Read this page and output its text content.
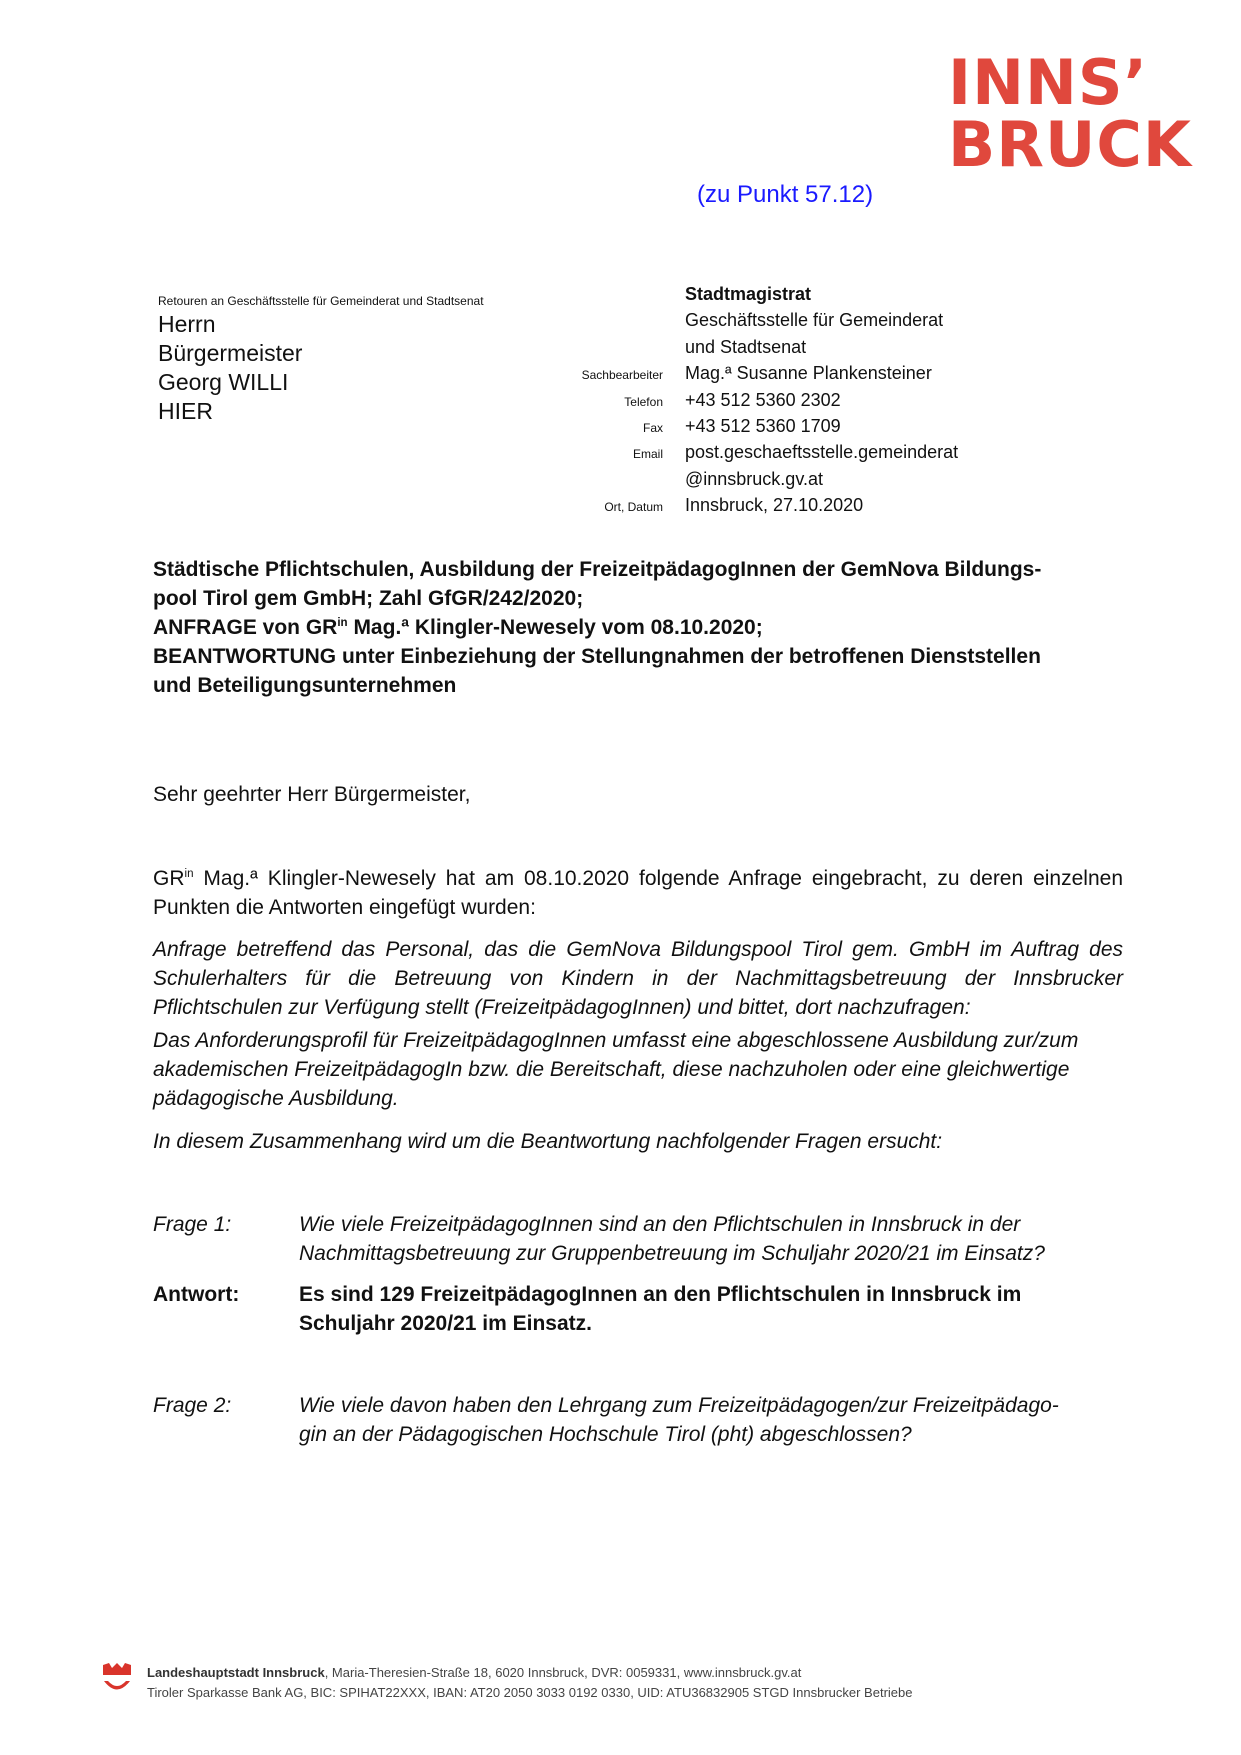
INNS’
BRUCK
(zu Punkt 57.12)
Retouren an Geschäftsstelle für Gemeinderat und Stadtsenat
Herrn
Bürgermeister
Georg WILLI
HIER
Stadtmagistrat
Geschäftsstelle für Gemeinderat
und Stadtsenat
Sachbearbeiter	Mag.ª Susanne Plankensteiner
Telefon	+43 512 5360 2302
Fax	+43 512 5360 1709
Email	post.geschaeftsstelle.gemeinderat
@innsbruck.gv.at
Ort, Datum	Innsbruck, 27.10.2020

Städtische Pflichtschulen, Ausbildung der FreizeitpädagogInnen der GemNova Bildungs-

pool Tirol gem GmbH; Zahl GfGR/242/2020;

ANFRAGE von $GR^{in}$ Mag.ª Klingler-Newesely vom 08.10.2020;

BEANTWORTUNG unter Einbeziehung der Stellungnahmen der betroffenen Dienststellen

und Beteiligungsunternehmen

Sehr geehrter Herr Bürgermeister,
$GR^{in}$ Mag.ª Klingler-Newesely hat am 08.10.2020 folgende Anfrage eingebracht, zu deren einzelnen Punkten die Antworten eingefügt wurden:
Anfrage betreffend das Personal, das die GemNova Bildungspool Tirol gem. GmbH im Auftrag des Schulerhalters für die Betreuung von Kindern in der Nachmittagsbetreuung der Innsbrucker Pflichtschulen zur Verfügung stellt (FreizeitpädagogInnen) und bittet, dort nachzufragen:
Das Anforderungsprofil für FreizeitpädagogInnen umfasst eine abgeschlossene Ausbildung zur/zum akademischen FreizeitpädagogIn bzw. die Bereitschaft, diese nachzuholen oder eine gleichwertige pädagogische Ausbildung.
In diesem Zusammenhang wird um die Beantwortung nachfolgender Fragen ersucht:
Frage 1:	Wie viele FreizeitpädagogInnen sind an den Pflichtschulen in Innsbruck in der Nachmittagsbetreuung zur Gruppenbetreuung im Schuljahr 2020/21 im Einsatz?
Antwort:	Es sind 129 FreizeitpädagogInnen an den Pflichtschulen in Innsbruck im Schuljahr 2020/21 im Einsatz.
Frage 2:	Wie viele davon haben den Lehrgang zum Freizeitpädagogen/zur Freizeitpädago-
gin an der Pädagogischen Hochschule Tirol (pht) abgeschlossen?
Landeshauptstadt Innsbruck, Maria-Theresien-Straße 18, 6020 Innsbruck, DVR: 0059331, www.innsbruck.gv.at
Tiroler Sparkasse Bank AG, BIC: SPIHAT22XXX, IBAN: AT20 2050 3033 0192 0330, UID: ATU36832905 STGD Innsbrucker Betriebe
